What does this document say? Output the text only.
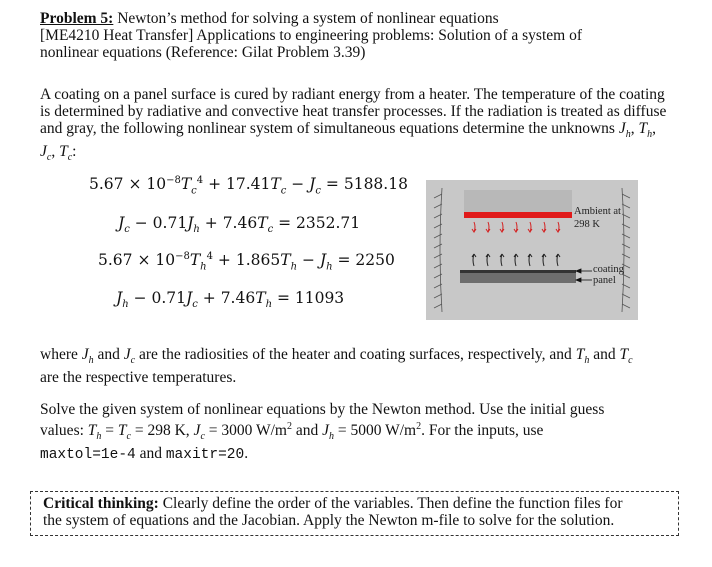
Problem 5: Newton’s method for solving a system of nonlinear equations
[ME4210 Heat Transfer] Applications to engineering problems: Solution of a system of
nonlinear equations (Reference: Gilat Problem 3.39)
A coating on a panel surface is cured by radiant energy from a heater. The temperature of the coating is determined by radiative and convective heat transfer processes. If the radiation is treated as diffuse and gray, the following nonlinear system of simultaneous equations determine the unknowns $J_h$, $T_h$, $J_c$, $T_c$:
$5.67 \times 10^{-8}T_c^4 + 17.41T_c - J_c = 5188.18$
$J_c - 0.71J_h + 7.46T_c = 2352.71$
$5.67 \times 10^{-8}T_h^4 + 1.865T_h - J_h = 2250$
$J_h - 0.71J_c + 7.46T_h = 11093$
Ambient at
298 K
coating
panel
where $J_h$ and $J_c$ are the radiosities of the heater and coating surfaces, respectively, and $T_h$ and $T_c$
are the respective temperatures.
Solve the given system of nonlinear equations by the Newton method. Use the initial guess
values: $T_h = T_c = 298$ K, $J_c = 3000$ $W/m^2$ and $J_h = 5000$ $W/m^2$. For the inputs, use
maxtol=1e-4 and maxitr=20.
Critical thinking: Clearly define the order of the variables. Then define the function files for
the system of equations and the Jacobian. Apply the Newton m-file to solve for the solution.
